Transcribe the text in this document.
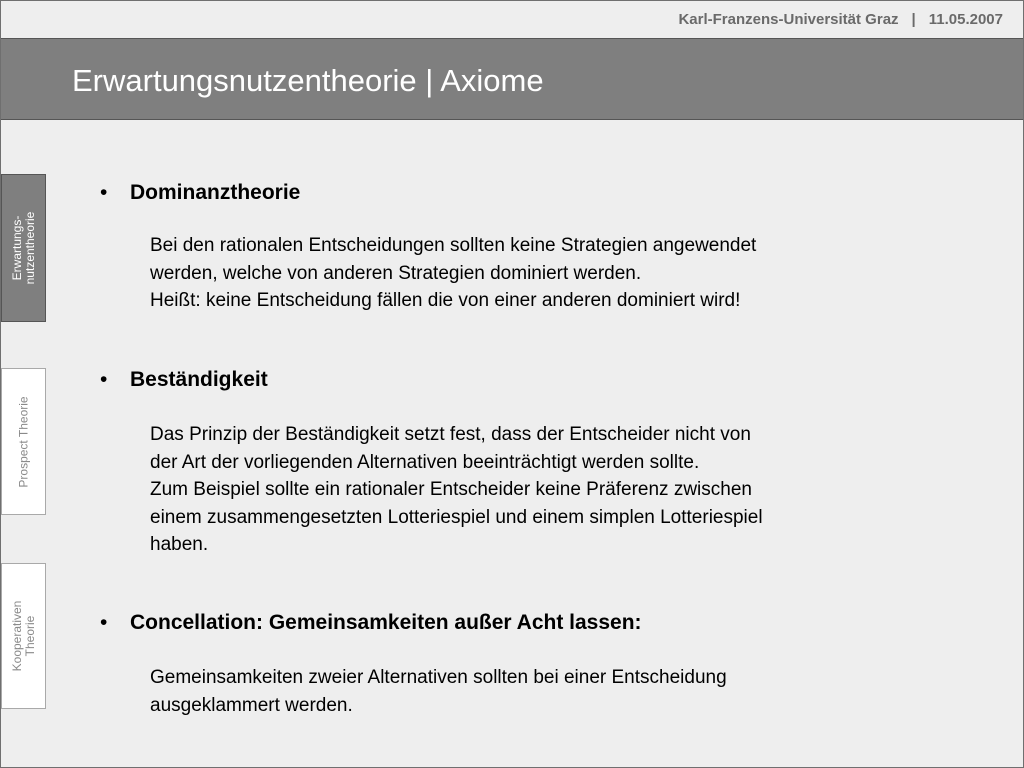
Karl-Franzens-Universität Graz | 11.05.2007
Erwartungsnutzentheorie | Axiome
Erwartungs- nutzentheorie
Prospect Theorie
Kooperativen Theorie
• Dominanztheorie
Bei den rationalen Entscheidungen sollten keine Strategien angewendet
werden, welche von anderen Strategien dominiert werden.
Heißt: keine Entscheidung fällen die von einer anderen dominiert wird!
• Beständigkeit
Das Prinzip der Beständigkeit setzt fest, dass der Entscheider nicht von
der Art der vorliegenden Alternativen beeinträchtigt werden sollte.
Zum Beispiel sollte ein rationaler Entscheider keine Präferenz zwischen
einem zusammengesetzten Lotteriespiel und einem simplen Lotteriespiel
haben.
• Concellation: Gemeinsamkeiten außer Acht lassen:
Gemeinsamkeiten zweier Alternativen sollten bei einer Entscheidung
ausgeklammert werden.
